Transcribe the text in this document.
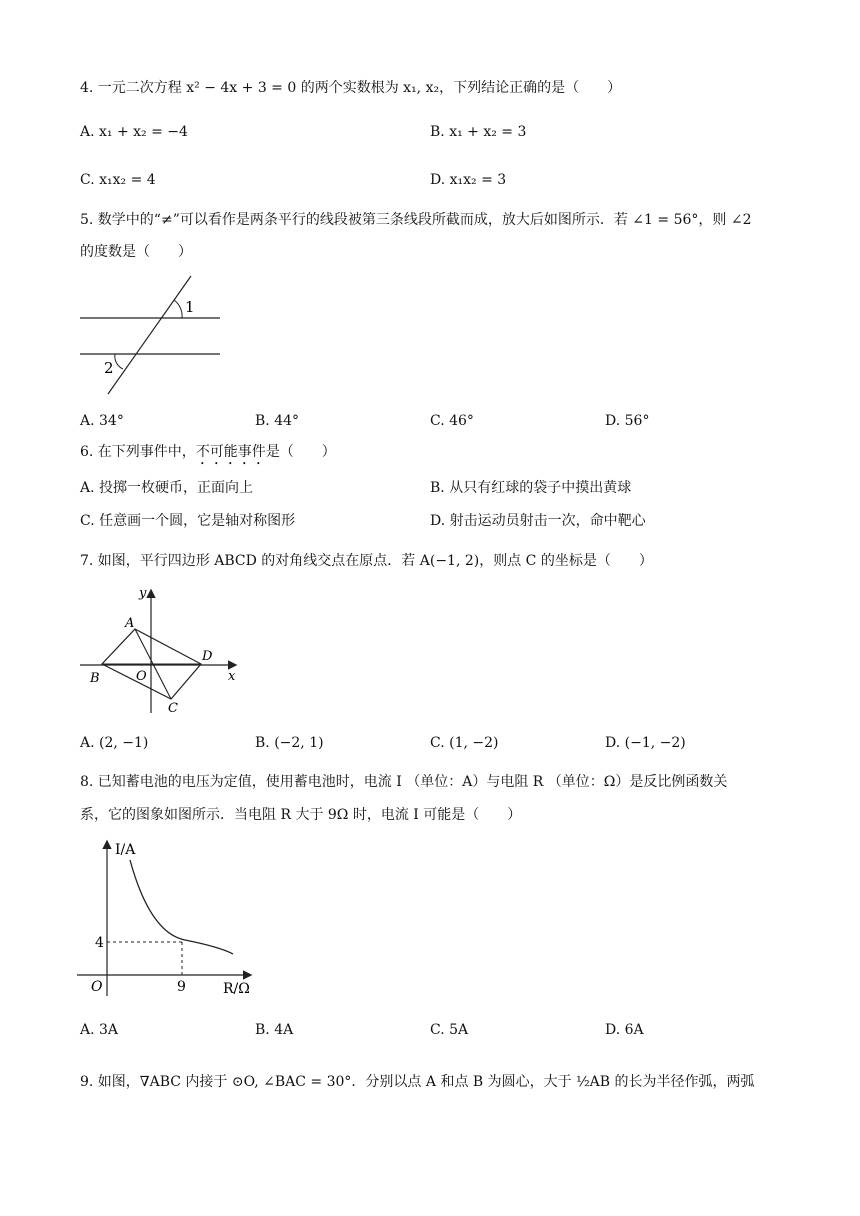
4. 一元二次方程 x² − 4x + 3 = 0 的两个实数根为 x₁, x₂，下列结论正确的是（　　）
A. x₁ + x₂ = −4	B. x₁ + x₂ = 3
C. x₁x₂ = 4	D. x₁x₂ = 3
5. 数学中的“≠”可以看作是两条平行的线段被第三条线段所截而成，放大后如图所示．若 ∠1 = 56°，则 ∠2
的度数是（　　）
1
2
A. 34°	B. 44°	C. 46°	D. 56°
6. 在下列事件中，不可能事件是（　　）
A. 投掷一枚硬币，正面向上	B. 从只有红球的袋子中摸出黄球
C. 任意画一个圆，它是轴对称图形	D. 射击运动员射击一次，命中靶心
7. 如图，平行四边形 ABCD 的对角线交点在原点．若 A(−1, 2)，则点 C 的坐标是（　　）
y
x
A
B
C
D
O
A. (2, −1)	B. (−2, 1)	C. (1, −2)	D. (−1, −2)
8. 已知蓄电池的电压为定值，使用蓄电池时，电流 I （单位：A）与电阻 R （单位：Ω）是反比例函数关
系，它的图象如图所示．当电阻 R 大于 9Ω 时，电流 I 可能是（　　）
I/A
R/Ω
O	9
4
A. 3A	B. 4A	C. 5A	D. 6A
9. 如图，∇ABC 内接于 ⊙O, ∠BAC = 30°．分别以点 A 和点 B 为圆心，大于 ½AB 的长为半径作弧，两弧
